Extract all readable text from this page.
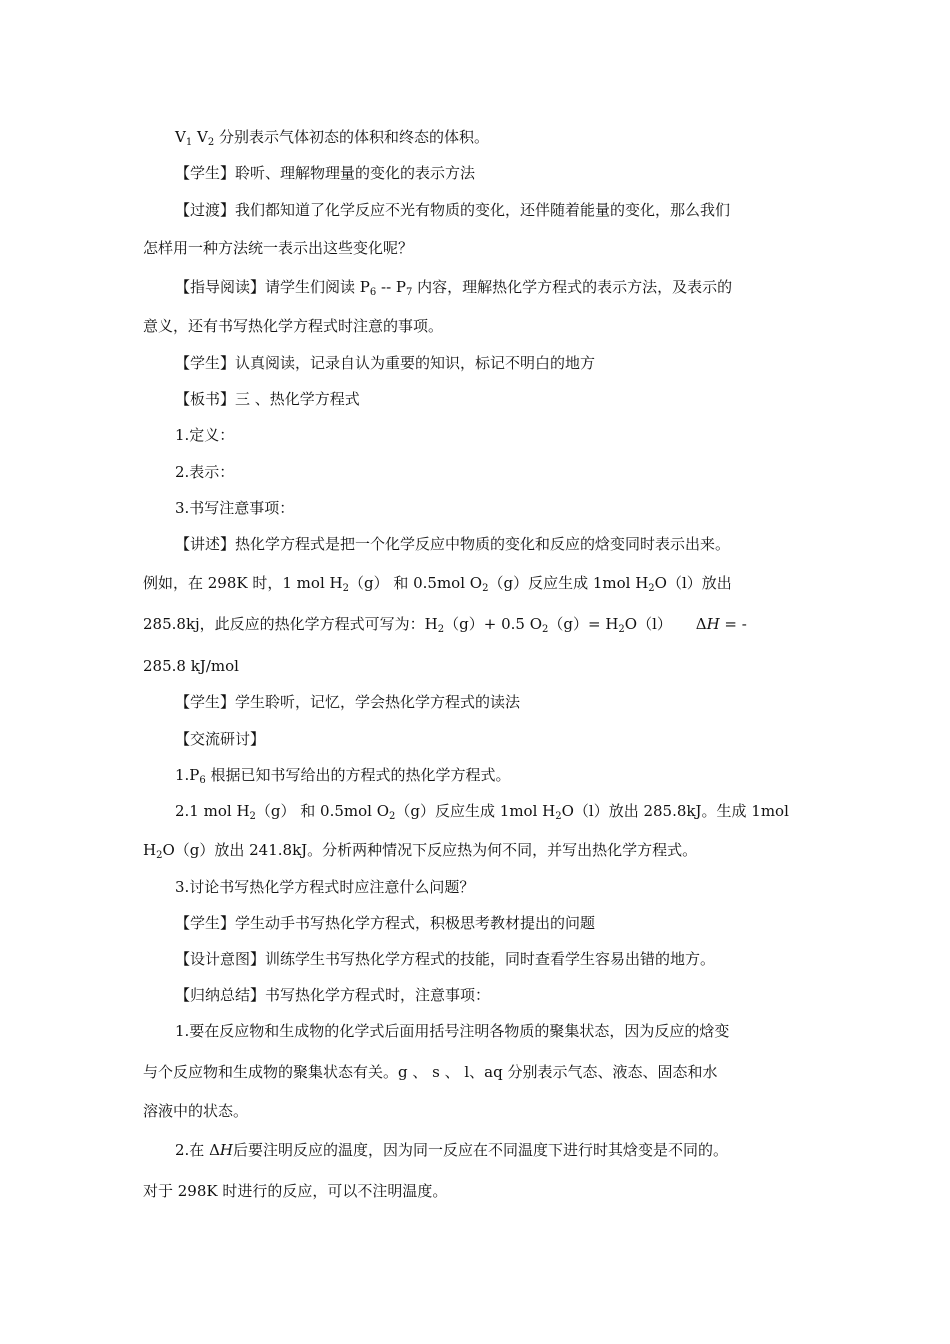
$V_1$ $V_2$ 分别表示气体初态的体积和终态的体积。
【学生】聆听、理解物理量的变化的表示方法
【过渡】我们都知道了化学反应不光有物质的变化，还伴随着能量的变化，那么我们
怎样用一种方法统一表示出这些变化呢？
【指导阅读】请学生们阅读 $P_6 -- P_7$ 内容，理解热化学方程式的表示方法，及表示的
意义，还有书写热化学方程式时注意的事项。
【学生】认真阅读，记录自认为重要的知识，标记不明白的地方
【板书】三 、热化学方程式
1.定义：
2.表示：
3.书写注意事项：
【讲述】热化学方程式是把一个化学反应中物质的变化和反应的焓变同时表示出来。
例如，在 298K 时，1 mol $H_2(g)$ 和 0.5mol $O_2(g)$反应生成 1mol $H_2O(l)$放出
285.8kj，此反应的热化学方程式可写为：$H_2(g)+ 0.5$ $O_2(g)= H_2O(l)$     ΔH = -
285.8 kJ/mol
【学生】学生聆听，记忆，学会热化学方程式的读法
【交流研讨】
$1.P_6$ 根据已知书写给出的方程式的热化学方程式。
2.1 mol $H_2(g)$ 和 0.5mol $O_2(g)$反应生成 1mol $H_2O(l)$放出 285.8kJ。生成 1mol
$H_2O(g)$放出 241.8kJ。分析两种情况下反应热为何不同，并写出热化学方程式。
3.讨论书写热化学方程式时应注意什么问题？
【学生】学生动手书写热化学方程式，积极思考教材提出的问题
【设计意图】训练学生书写热化学方程式的技能，同时查看学生容易出错的地方。
【归纳总结】书写热化学方程式时，注意事项：
1.要在反应物和生成物的化学式后面用括号注明各物质的聚集状态，因为反应的焓变
与个反应物和生成物的聚集状态有关。g 、 s 、 l、aq 分别表示气态、液态、固态和水
溶液中的状态。
2.在 ΔH后要注明反应的温度，因为同一反应在不同温度下进行时其焓变是不同的。
对于 298K 时进行的反应，可以不注明温度。
